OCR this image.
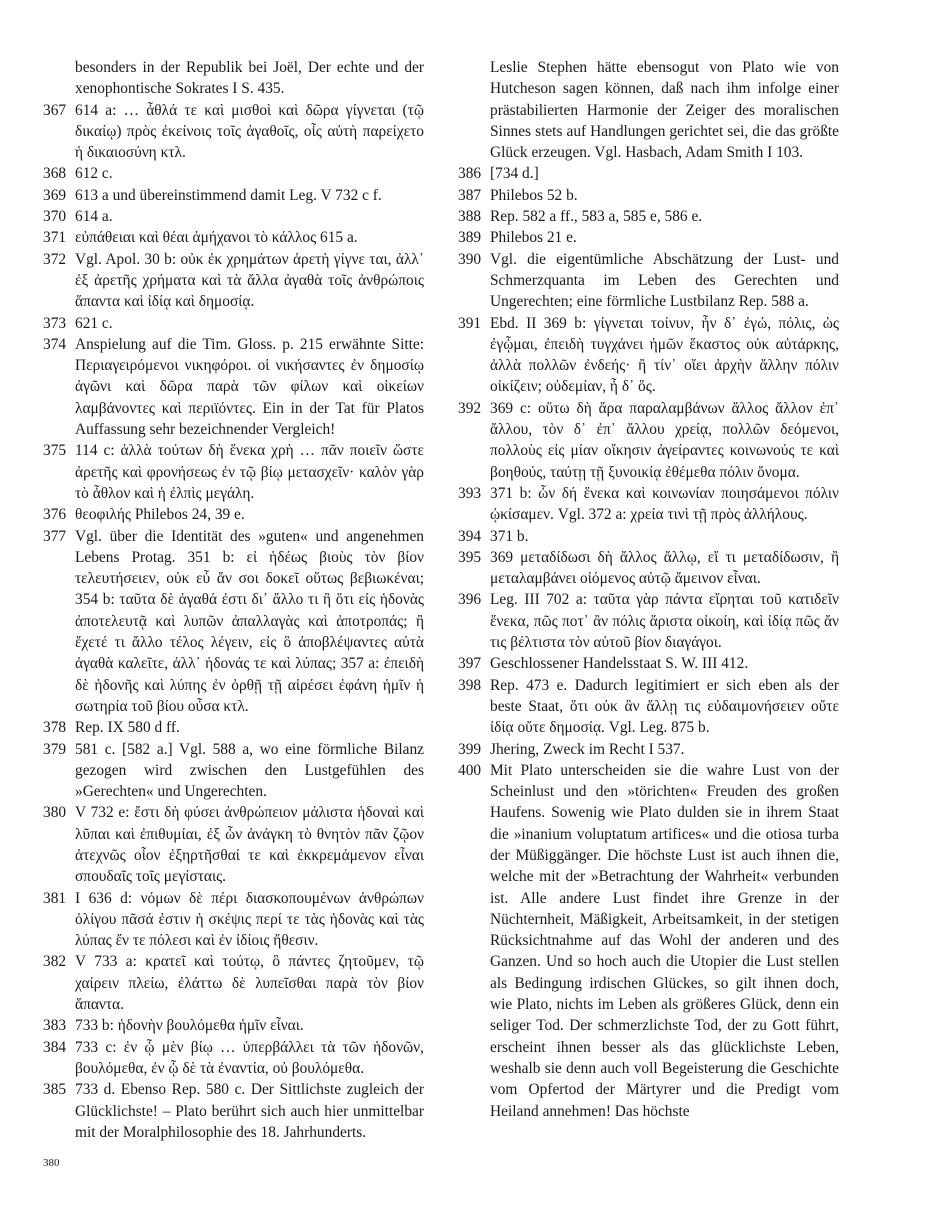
besonders in der Republik bei Joël, Der echte und der xenophontische Sokrates I S. 435.
367 614 a: … ἆθλά τε καὶ μισθοὶ καὶ δῶρα γίγνεται (τῷ δικαίῳ) πρὸς ἐκείνοις τοῖς ἀγαθοῖς, οἷς αὐτὴ παρείχετο ἡ δικαιοσύνη κτλ.
368 612 c.
369 613 a und übereinstimmend damit Leg. V 732 c f.
370 614 a.
371 εὐπάθειαι καὶ θέαι ἀμήχανοι τὸ κάλλος 615 a.
372 Vgl. Apol. 30 b: οὐκ ἐκ χρημάτων ἀρετὴ γίγνε ται, ἀλλ᾽ ἐξ ἀρετῆς χρήματα καὶ τὰ ἄλλα ἀγαθὰ τοῖς ἀνθρώποις ἅπαντα καὶ ἰδίᾳ καὶ δημοσίᾳ.
373 621 c.
374 Anspielung auf die Tim. Gloss. p. 215 erwähnte Sitte: Περιαγειρόμενοι νικηφόροι. οἱ νικήσαντες ἐν δημοσίῳ ἀγῶνι καὶ δῶρα παρὰ τῶν φίλων καὶ οἰκείων λαμβάνοντες καὶ περιϊόντες. Ein in der Tat für Platos Auffassung sehr bezeichnender Vergleich!
375 114 c: ἀλλὰ τούτων δὴ ἕνεκα χρὴ … πᾶν ποιεῖν ὥστε ἀρετῆς καὶ φρονήσεως ἐν τῷ βίῳ μετασχεῖν· καλὸν γὰρ τὸ ἆθλον καὶ ἡ ἐλπὶς μεγάλη.
376 θεοφιλής Philebos 24, 39 e.
377 Vgl. über die Identität des »guten« und angenehmen Lebens Protag. 351 b: εἰ ἡδέως βιοὺς τὸν βίον τελευτήσειεν, οὐκ εὖ ἄν σοι δοκεῖ οὕτως βεβιωκέναι; 354 b: ταῦτα δὲ ἀγαθά ἐστι δι᾽ ἄλλο τι ἢ ὅτι εἰς ἡδονὰς ἀποτελευτᾷ καὶ λυπῶν ἀπαλλαγὰς καὶ ἀποτροπάς; ἢ ἔχετέ τι ἄλλο τέλος λέγειν, εἰς ὃ ἀποβλέψαντες αὐτὰ ἀγαθὰ καλεῖτε, ἀλλ᾽ ἡδονάς τε καὶ λύπας; 357 a: ἐπειδὴ δὲ ἡδονῆς καὶ λύπης ἐν ὀρθῇ τῇ αἱρέσει ἐφάνη ἡμῖν ἡ σωτηρία τοῦ βίου οὖσα κτλ.
378 Rep. IX 580 d ff.
379 581 c. [582 a.] Vgl. 588 a, wo eine förmliche Bilanz gezogen wird zwischen den Lustgefühlen des »Gerechten« und Ungerechten.
380 V 732 e: ἔστι δὴ φύσει ἀνθρώπειον μάλιστα ἡδοναὶ καὶ λῦπαι καὶ ἐπιθυμίαι, ἐξ ὧν ἀνάγκη τὸ θνητὸν πᾶν ζῷον ἀτεχνῶς οἷον ἐξηρτῆσθαί τε καὶ ἐκκρεμάμενον εἶναι σπουδαῖς τοῖς μεγίσταις.
381 I 636 d: νόμων δὲ πέρι διασκοπουμένων ἀνθρώπων ὀλίγου πᾶσά ἐστιν ἡ σκέψις περί τε τὰς ἡδονὰς καὶ τὰς λύπας ἔν τε πόλεσι καὶ ἐν ἰδίοις ἤθεσιν.
382 V 733 a: κρατεῖ καὶ τούτῳ, ὃ πάντες ζητοῦμεν, τῷ χαίρειν πλείω, ἐλάττω δὲ λυπεῖσθαι παρὰ τὸν βίον ἅπαντα.
383 733 b: ἡδονὴν βουλόμεθα ἡμῖν εἶναι.
384 733 c: ἐν ᾧ μὲν βίῳ … ὑπερβάλλει τὰ τῶν ἡδονῶν, βουλόμεθα, ἐν ᾧ δὲ τὰ ἐναντία, οὐ βουλόμεθα.
385 733 d. Ebenso Rep. 580 c. Der Sittlichste zugleich der Glücklichste! – Plato berührt sich auch hier unmittelbar mit der Moralphilosophie des 18. Jahrhunderts.
Leslie Stephen hätte ebensogut von Plato wie von Hutcheson sagen können, daß nach ihm infolge einer prästabilierten Harmonie der Zeiger des moralischen Sinnes stets auf Handlungen gerichtet sei, die das größte Glück erzeugen. Vgl. Hasbach, Adam Smith I 103.
386 [734 d.]
387 Philebos 52 b.
388 Rep. 582 a ff., 583 a, 585 e, 586 e.
389 Philebos 21 e.
390 Vgl. die eigentümliche Abschätzung der Lust- und Schmerzquanta im Leben des Gerechten und Ungerechten; eine förmliche Lustbilanz Rep. 588 a.
391 Ebd. II 369 b: γίγνεται τοίνυν, ἦν δ᾽ ἐγώ, πόλις, ὡς ἐγᾦμαι, ἐπειδὴ τυγχάνει ἡμῶν ἕκαστος οὐκ αὐτάρκης, ἀλλὰ πολλῶν ἐνδεής· ἢ τίν᾽ οἴει ἀρχὴν ἄλλην πόλιν οἰκίζειν; οὐδεμίαν, ἦ δ᾽ ὅς.
392 369 c: οὕτω δὴ ἄρα παραλαμβάνων ἄλλος ἄλλον ἐπ᾽ ἄλλου, τὸν δ᾽ ἐπ᾽ ἄλλου χρείᾳ, πολλῶν δεόμενοι, πολλοὺς εἰς μίαν οἴκησιν ἀγείραντες κοινωνούς τε καὶ βοηθούς, ταύτῃ τῇ ξυνοικίᾳ ἐθέμεθα πόλιν ὄνομα.
393 371 b: ὧν δή ἕνεκα καὶ κοινωνίαν ποιησάμενοι πόλιν ᾠκίσαμεν. Vgl. 372 a: χρεία τινὶ τῇ πρὸς ἀλλήλους.
394 371 b.
395 369 μεταδίδωσι δὴ ἄλλος ἄλλῳ, εἴ τι μεταδίδωσιν, ἢ μεταλαμβάνει οἰόμενος αὐτῷ ἄμεινον εἶναι.
396 Leg. III 702 a: ταῦτα γὰρ πάντα εἴρηται τοῦ κατιδεῖν ἕνεκα, πῶς ποτ᾽ ἂν πόλις ἄριστα οἰκοίη, καὶ ἰδίᾳ πῶς ἄν τις βέλτιστα τὸν αὑτοῦ βίον διαγάγοι.
397 Geschlossener Handelsstaat S. W. III 412.
398 Rep. 473 e. Dadurch legitimiert er sich eben als der beste Staat, ὅτι οὐκ ἂν ἄλλῃ τις εὐδαιμονήσειεν οὔτε ἰδίᾳ οὔτε δημοσίᾳ. Vgl. Leg. 875 b.
399 Jhering, Zweck im Recht I 537.
400 Mit Plato unterscheiden sie die wahre Lust von der Scheinlust und den »törichten« Freuden des großen Haufens. Sowenig wie Plato dulden sie in ihrem Staat die »inanium voluptatum artifices« und die otiosa turba der Müßiggänger. Die höchste Lust ist auch ihnen die, welche mit der »Betrachtung der Wahrheit« verbunden ist. Alle andere Lust findet ihre Grenze in der Nüchternheit, Mäßigkeit, Arbeitsamkeit, in der stetigen Rücksichtnahme auf das Wohl der anderen und des Ganzen. Und so hoch auch die Utopier die Lust stellen als Bedingung irdischen Glückes, so gilt ihnen doch, wie Plato, nichts im Leben als größeres Glück, denn ein seliger Tod. Der schmerzlichste Tod, der zu Gott führt, erscheint ihnen besser als das glücklichste Leben, weshalb sie denn auch voll Begeisterung die Geschichte vom Opfertod der Märtyrer und die Predigt vom Heiland annehmen! Das höchste
380
